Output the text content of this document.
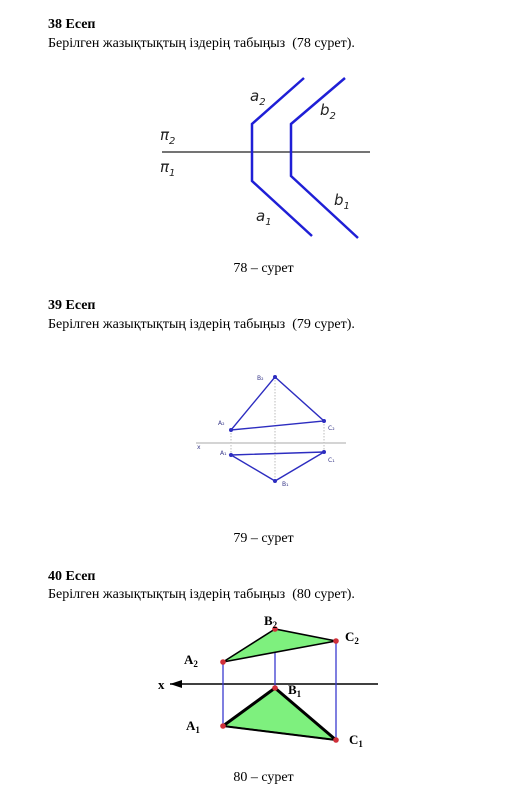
38 Есеп
Берілген жазықтықтың іздерің табыңыз  (78 сурет).
$a_2$	$b_2$
$\pi_2$
$\pi_1$
$a_1$
$b_1$
B₂
A₂
C₂
x
A₁
C₁
B₁
$B_2$
$C_2$
$A_2$
x	$B_1$
$A_1$
$C_1$
78 – сурет
39 Есеп
Берілген жазықтықтың іздерің табыңыз  (79 сурет).
79 – сурет
40 Есеп
Берілген жазықтықтың іздерің табыңыз  (80 сурет).
80 – сурет
